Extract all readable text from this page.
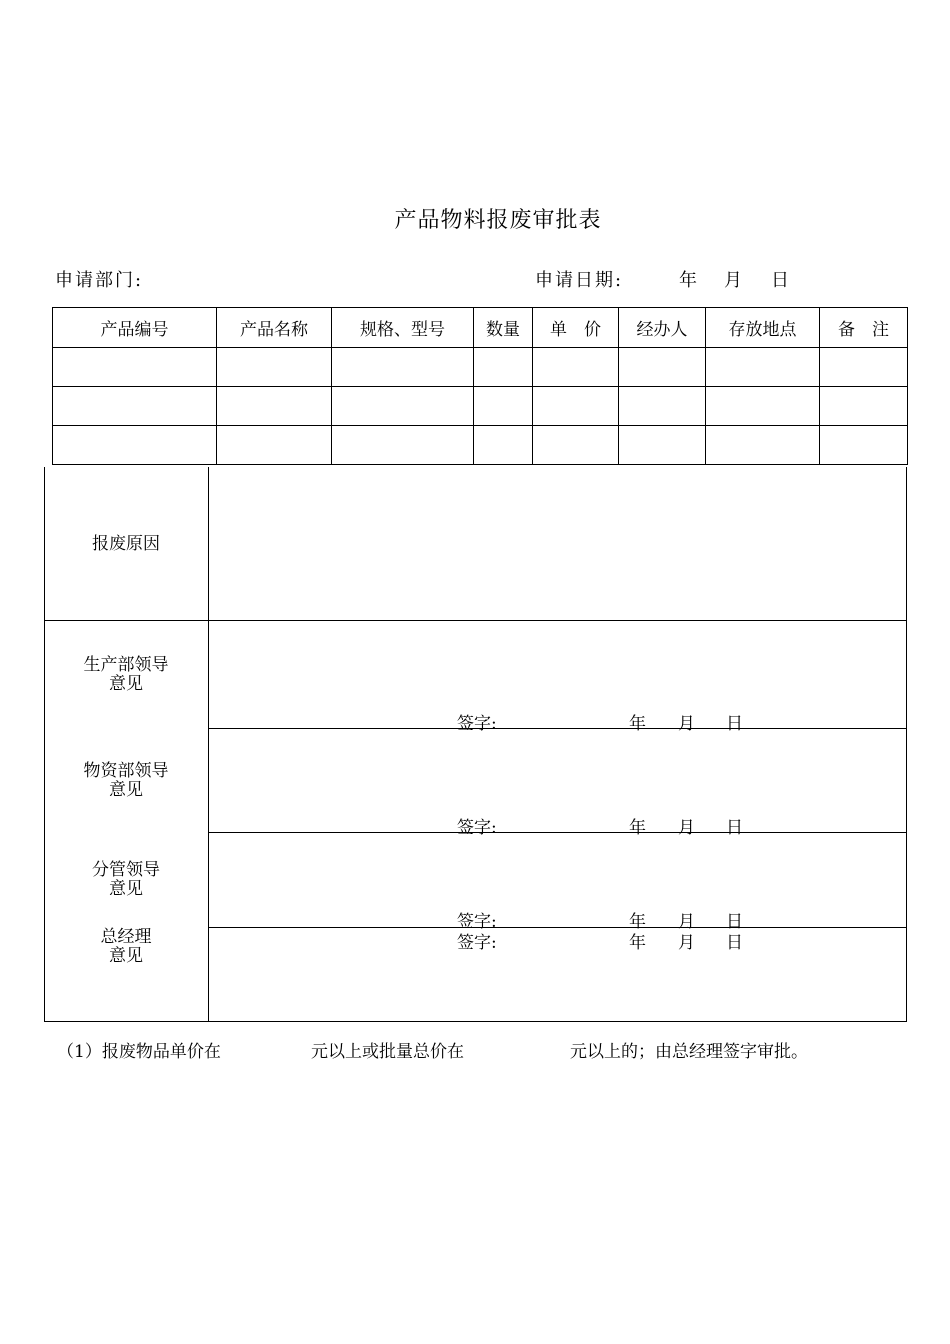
产品物料报废审批表
申请部门:	申请日期:	年 月 日
产品编号	产品名称	规格、型号	数量	单　价	经办人	存放地点	备　注

报废原因
生产部领导
意见
签字:	年 月 日
物资部领导
意见
签字:	年 月 日
分管领导
意见
签字:	年 月 日
总经理
意见
签字:	年 月 日
（1）报废物品单价在	元以上或批量总价在	元以上的；由总经理签字审批。
